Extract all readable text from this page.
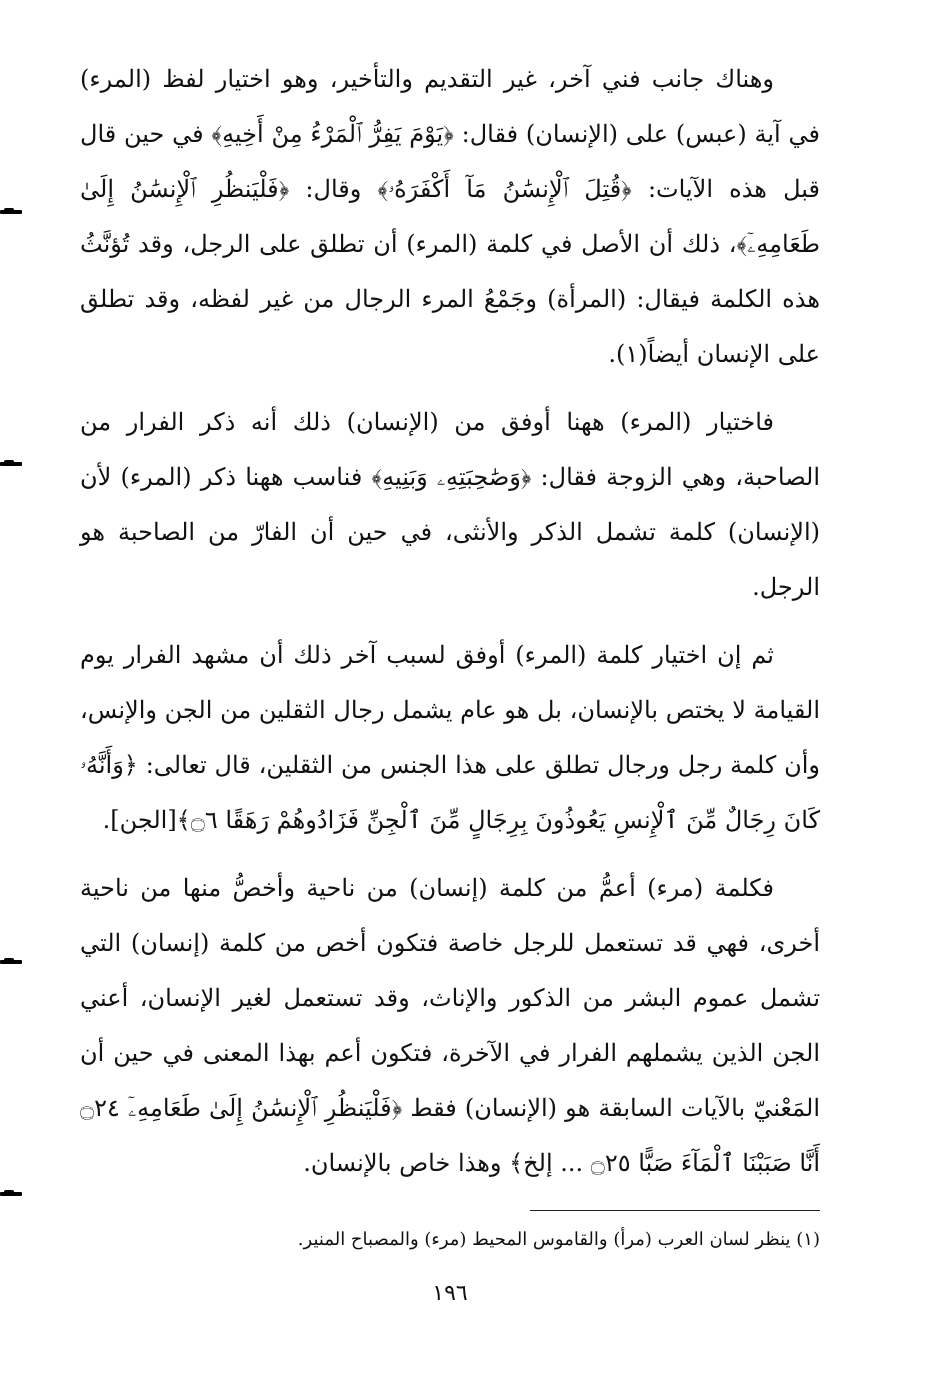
وهناك جانب فني آخر، غير التقديم والتأخير، وهو اختيار لفظ (المرء) في آية (عبس) على (الإنسان) فقال: ﴿يَوْمَ يَفِرُّ ٱلْمَرْءُ مِنْ أَخِيهِ﴾ في حين قال قبل هذه الآيات: ﴿قُتِلَ ٱلْإِنسَٰنُ مَآ أَكْفَرَهُۥ﴾ وقال: ﴿فَلْيَنظُرِ ٱلْإِنسَٰنُ إِلَىٰ طَعَامِهِۦٓ﴾، ذلك أن الأصل في كلمة (المرء) أن تطلق على الرجل، وقد تُؤنَّثُ هذه الكلمة فيقال: (المرأة) وجَمْعُ المرء الرجال من غير لفظه، وقد تطلق على الإنسان أيضاً(١).

فاختيار (المرء) ههنا أوفق من (الإنسان) ذلك أنه ذكر الفرار من الصاحبة، وهي الزوجة فقال: ﴿وَصَٰحِبَتِهِۦ وَبَنِيهِ﴾ فناسب ههنا ذكر (المرء) لأن (الإنسان) كلمة تشمل الذكر والأنثى، في حين أن الفارّ من الصاحبة هو الرجل.

ثم إن اختيار كلمة (المرء) أوفق لسبب آخر ذلك أن مشهد الفرار يوم القيامة لا يختص بالإنسان، بل هو عام يشمل رجال الثقلين من الجن والإنس، وأن كلمة رجل ورجال تطلق على هذا الجنس من الثقلين، قال تعالى: ﴿وَأَنَّهُۥ كَانَ رِجَالٌ مِّنَ ٱلْإِنسِ يَعُوذُونَ بِرِجَالٍ مِّنَ ٱلْجِنِّ فَزَادُوهُمْ رَهَقًا ۝٦﴾[الجن].

فكلمة (مرء) أعمُّ من كلمة (إنسان) من ناحية وأخصُّ منها من ناحية أخرى، فهي قد تستعمل للرجل خاصة فتكون أخص من كلمة (إنسان) التي تشمل عموم البشر من الذكور والإناث، وقد تستعمل لغير الإنسان، أعني الجن الذين يشملهم الفرار في الآخرة، فتكون أعم بهذا المعنى في حين أن المَعْنيّ بالآيات السابقة هو (الإنسان) فقط ﴿فَلْيَنظُرِ ٱلْإِنسَٰنُ إِلَىٰ طَعَامِهِۦٓ ۝٢٤ أَنَّا صَبَبْنَا ٱلْمَآءَ صَبًّا ۝٢٥ ... إلخ﴾ وهذا خاص بالإنسان.

(١) ينظر لسان العرب (مرأ) والقاموس المحيط (مرء) والمصباح المنير.
١٩٦
